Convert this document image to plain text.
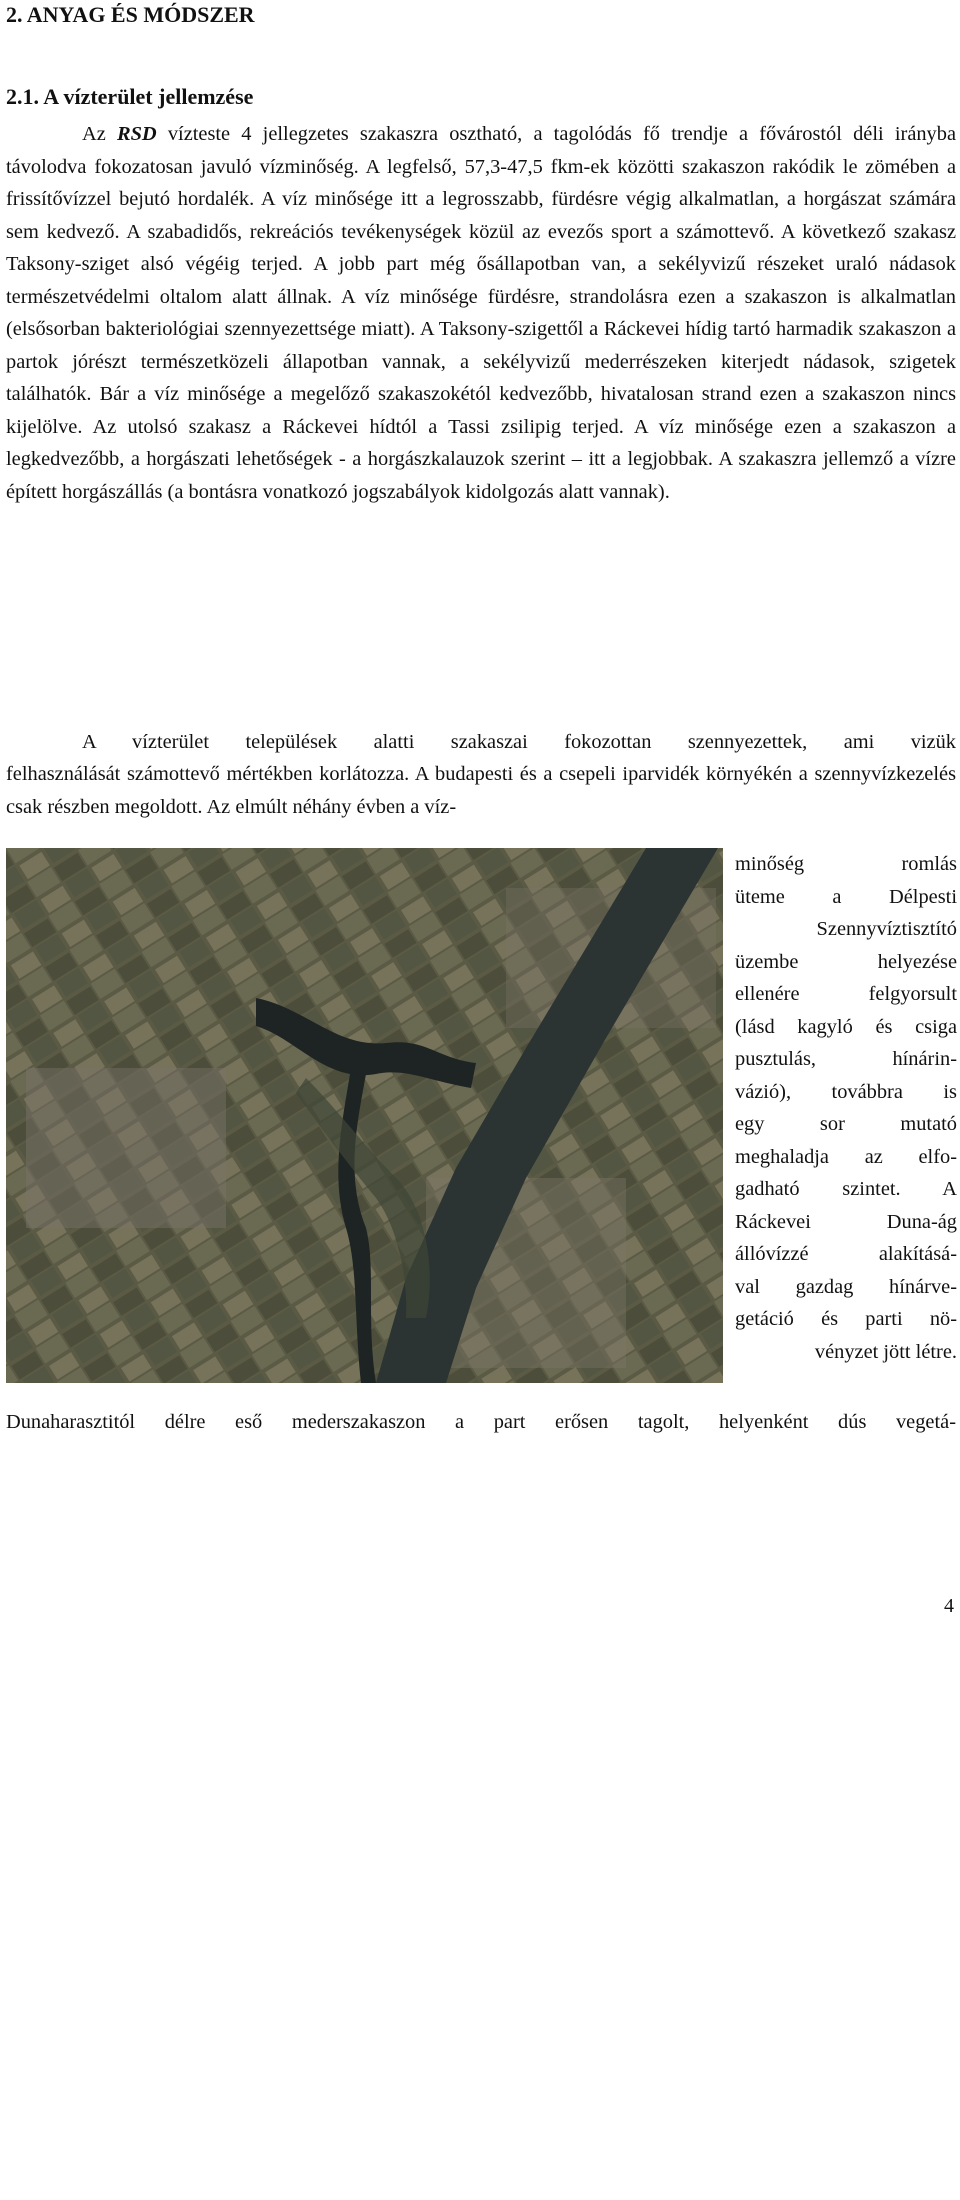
2. ANYAG ÉS MÓDSZER
2.1. A vízterület jellemzése

Az RSD vízteste 4 jellegzetes szakaszra osztható, a tagolódás fő trendje a fővárostól déli irányba távolodva fokozatosan javuló vízminőség. A legfelső, 57,3-47,5 fkm-ek közötti szakaszon rakódik le zömében a frissítővízzel bejutó hordalék. A víz minősége itt a legrosszabb, fürdésre végig alkalmatlan, a horgászat számára sem kedvező. A szabadidős, rekreációs tevékenységek közül az evezős sport a számottevő. A következő szakasz Taksony-sziget alsó végéig terjed. A jobb part még ősállapotban van, a sekélyvizű részeket uraló nádasok természetvédelmi oltalom alatt állnak. A víz minősége fürdésre, strandolásra ezen a szakaszon is alkalmatlan (elsősorban bakteriológiai szennyezettsége miatt). A Taksony-szigettől a Ráckevei hídig tartó harmadik szakaszon a partok jórészt természetközeli állapotban vannak, a sekélyvizű mederrészeken kiterjedt nádasok, szigetek találhatók. Bár a víz minősége a megelőző szakaszokétól kedvezőbb, hivatalosan strand ezen a szakaszon nincs kijelölve. Az utolsó szakasz a Ráckevei hídtól a Tassi zsilipig terjed. A víz minősége ezen a szakaszon a legkedvezőbb, a horgászati lehetőségek - a horgászkalauzok szerint – itt a legjobbak. A szakaszra jellemző a vízre épített horgászállás (a bontásra vonatkozó jogszabályok kidolgozás alatt vannak).

A vízterület települések alatti szakaszai fokozottan szennyezettek, ami vizük

felhasználását számottevő mértékben korlátozza. A budapesti és a csepeli iparvidék környékén a szennyvízkezelés csak részben megoldott. Az elmúlt néhány évben a víz-

Jellegzetes hókony Szigetcsép közelében
minőség romlás
üteme a Délpesti
Szennyvíztisztító
üzembe helyezése
ellenére felgyorsult
(lásd kagyló és csiga
pusztulás, hínárin-
vázió), továbbra is
egy sor mutató
meghaladja az elfo-
gadható szintet. A
Ráckevei Duna-ág
állóvízzé alakításá-
val gazdag hínárve-
getáció és parti nö-
vényzet jött létre.

Dunaharasztitól délre eső mederszakaszon a part erősen tagolt, helyenként dús vegetá-

4
